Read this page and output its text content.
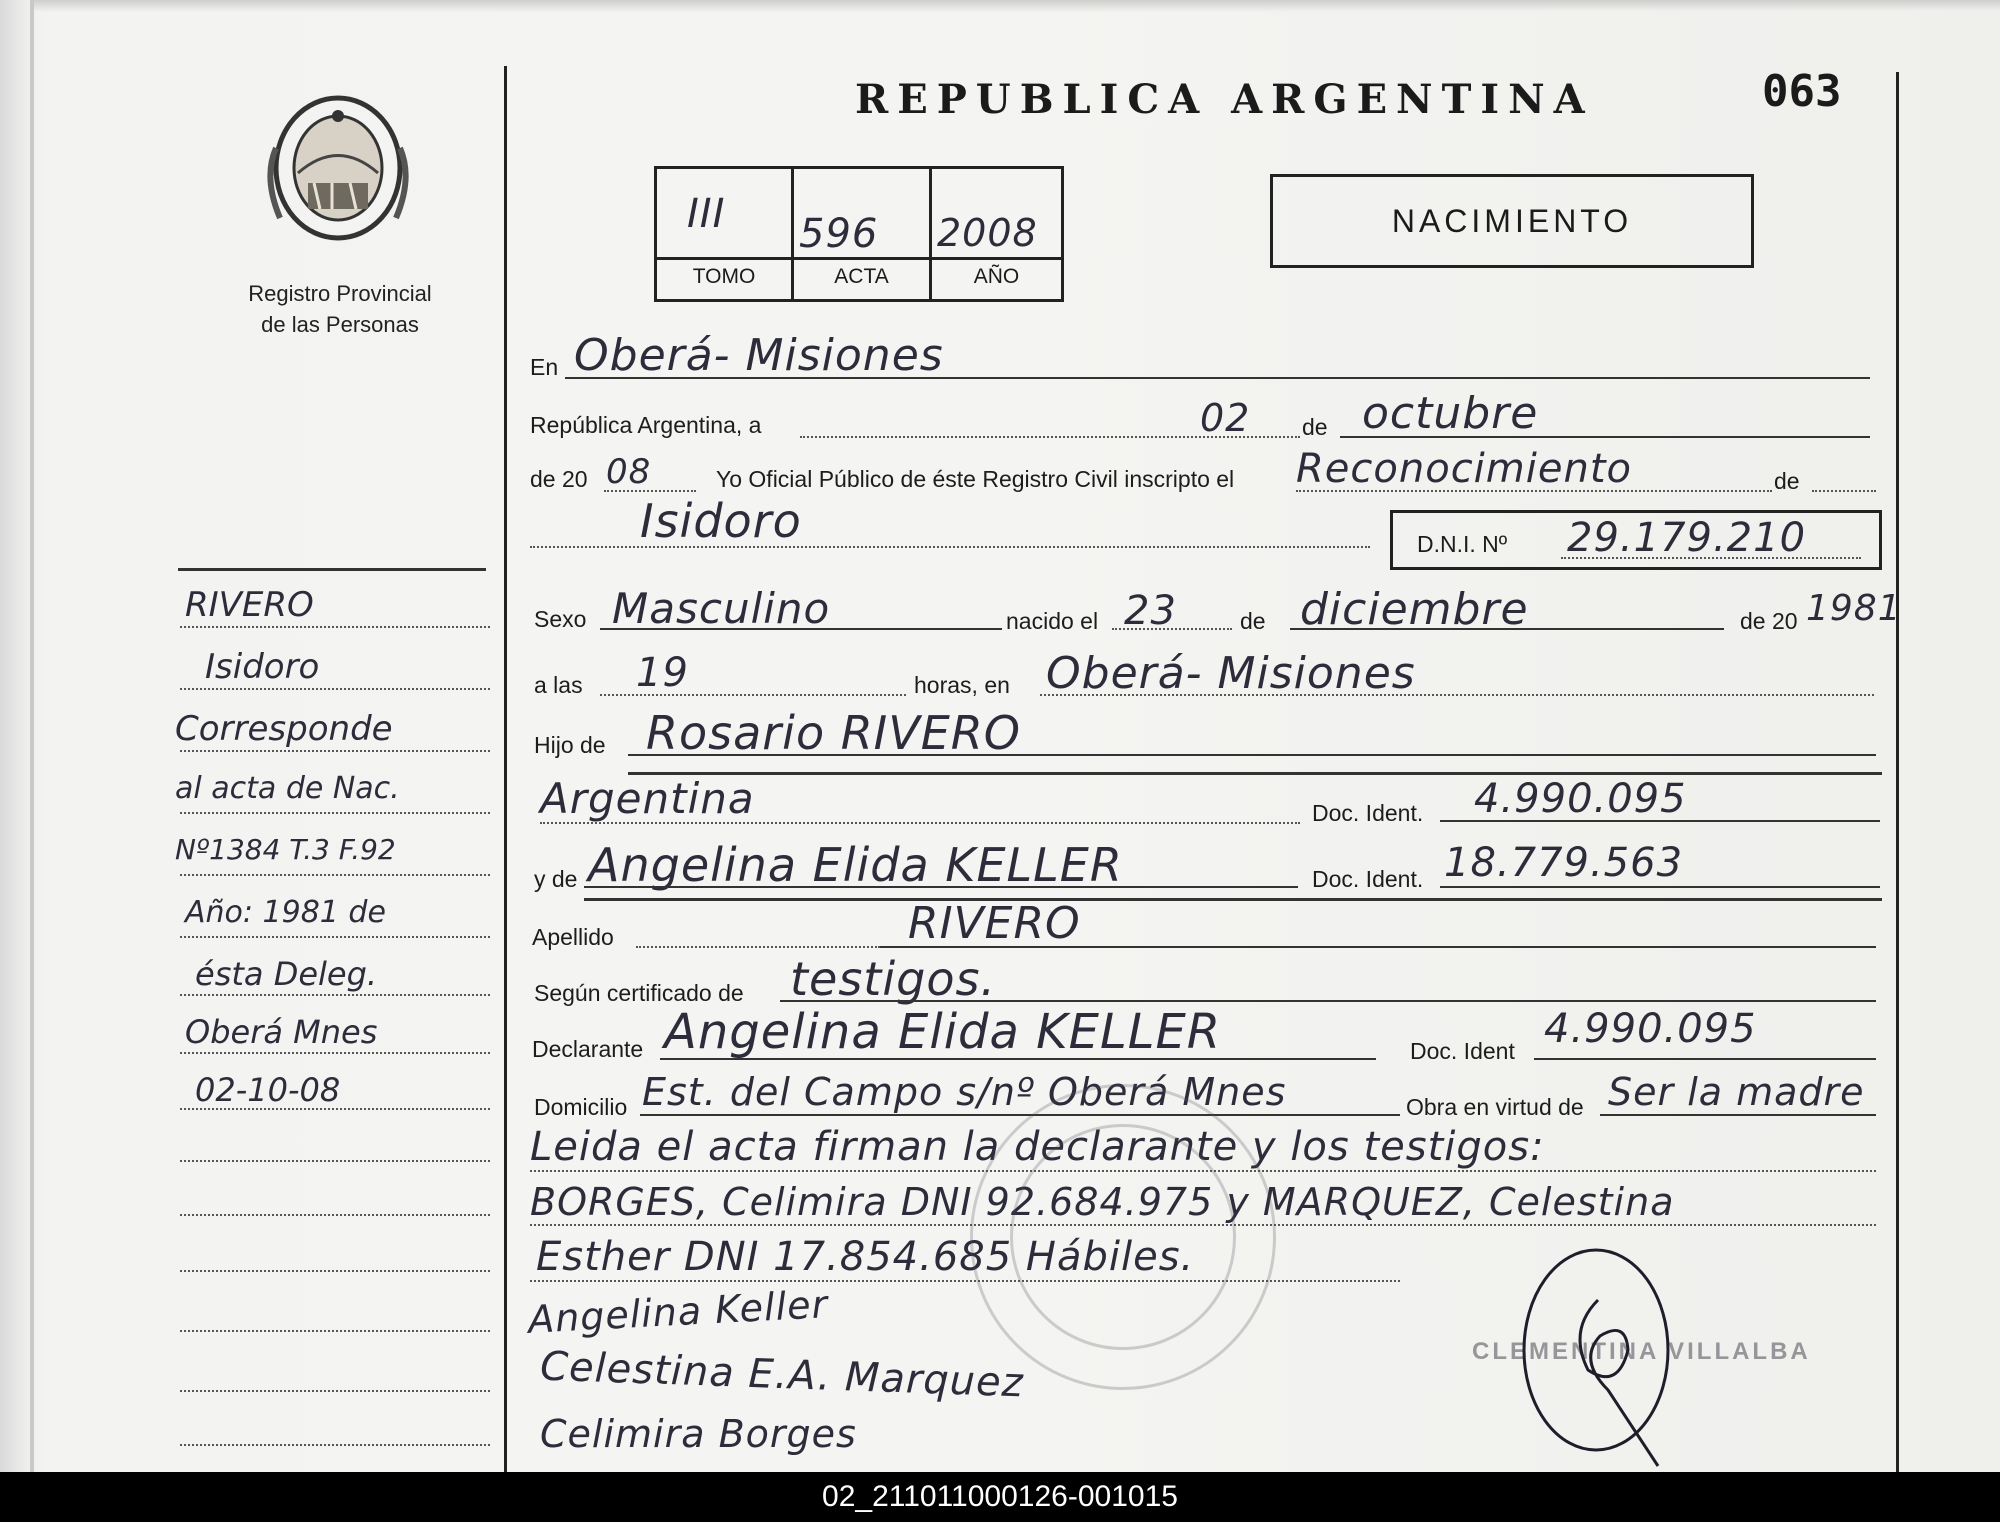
Registro Provincial
de las Personas
RIVERO
Isidoro
Corresponde
al acta de Nac.
Nº1384 T.3 F.92
Año: 1981 de
ésta Deleg.
Oberá Mnes
02-10-08
REPUBLICA ARGENTINA	063
III 596 2008
TOMO	ACTA	AÑO
NACIMIENTO
En Oberá- Misiones
República Argentina, a	02 de octubre
de 20 08	Yo Oficial Público de éste Registro Civil inscripto el Reconocimiento	de
Isidoro	D.N.I. Nº 29.179.210
Sexo Masculino	nacido el 23	de diciembre	de 20 1981
a las 19	horas, en Oberá- Misiones
Hijo de Rosario RIVERO
Argentina	Doc. Ident. 4.990.095
y de Angelina Elida KELLER	Doc. Ident. 18.779.563
Apellido	RIVERO
Según certificado de testigos.
Declarante Angelina Elida KELLER	Doc. Ident 4.990.095
Domicilio Est. del Campo s/nº Oberá Mnes	Obra en virtud de Ser la madre
Leida el acta firman la declarante y los testigos:
BORGES, Celimira DNI 92.684.975 y MARQUEZ, Celestina
Esther DNI 17.854.685 Hábiles.
Angelina Keller
Celestina E.A. Marquez
Celimira Borges
CLEMENTINA VILLALBA
02_211011000126-001015
